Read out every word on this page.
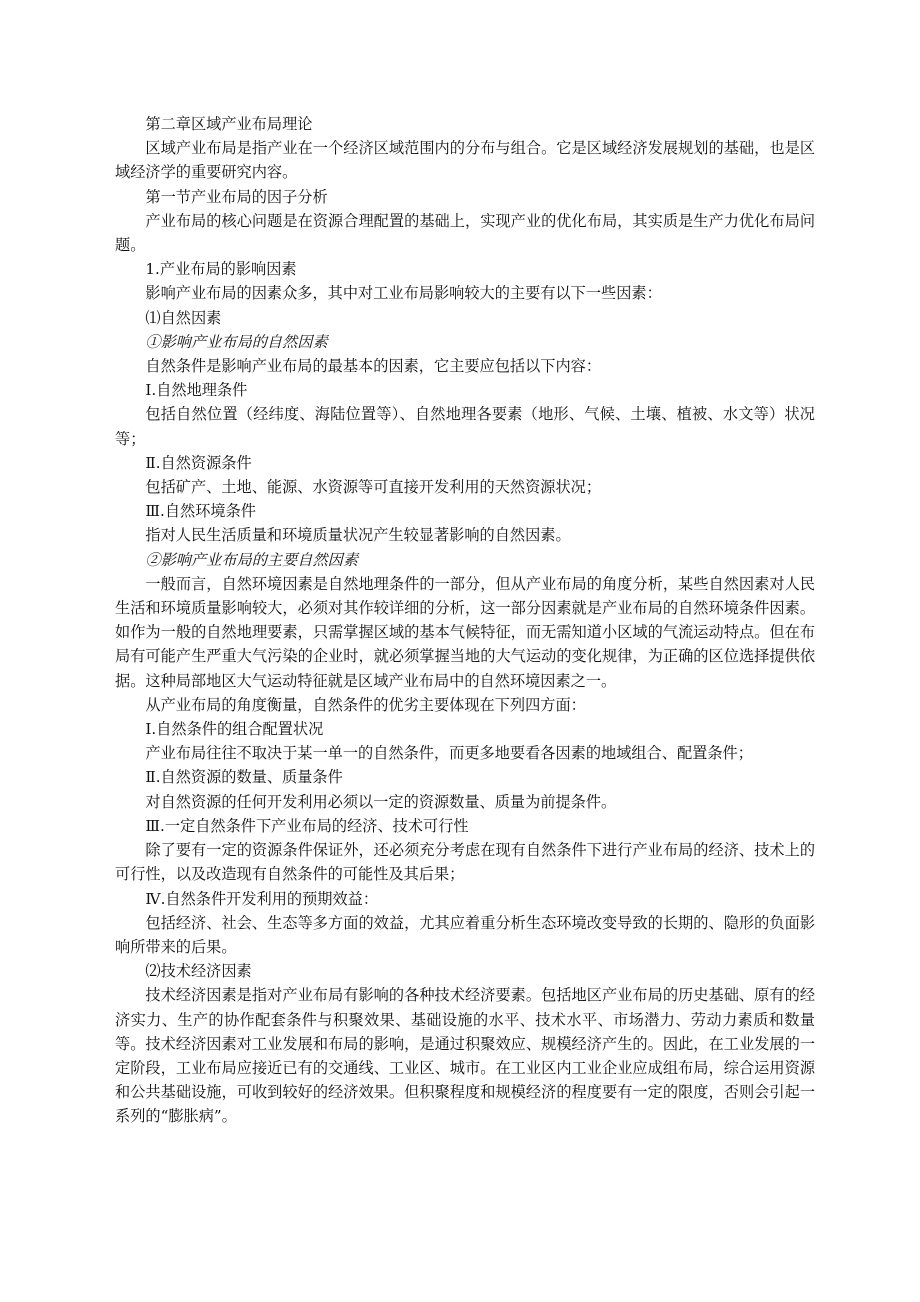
第二章区域产业布局理论

区域产业布局是指产业在一个经济区域范围内的分布与组合。它是区域经济发展规划的基础，也是区域经济学的重要研究内容。

第一节产业布局的因子分析

产业布局的核心问题是在资源合理配置的基础上，实现产业的优化布局，其实质是生产力优化布局问题。

1.产业布局的影响因素

影响产业布局的因素众多，其中对工业布局影响较大的主要有以下一些因素：

⑴自然因素

①影响产业布局的自然因素

自然条件是影响产业布局的最基本的因素，它主要应包括以下内容：

Ⅰ.自然地理条件

包括自然位置（经纬度、海陆位置等）、自然地理各要素（地形、气候、土壤、植被、水文等）状况等；

Ⅱ.自然资源条件

包括矿产、土地、能源、水资源等可直接开发利用的天然资源状况；

Ⅲ.自然环境条件

指对人民生活质量和环境质量状况产生较显著影响的自然因素。

②影响产业布局的主要自然因素

一般而言，自然环境因素是自然地理条件的一部分，但从产业布局的角度分析，某些自然因素对人民生活和环境质量影响较大，必须对其作较详细的分析，这一部分因素就是产业布局的自然环境条件因素。如作为一般的自然地理要素，只需掌握区域的基本气候特征，而无需知道小区域的气流运动特点。但在布局有可能产生严重大气污染的企业时，就必须掌握当地的大气运动的变化规律，为正确的区位选择提供依据。这种局部地区大气运动特征就是区域产业布局中的自然环境因素之一。

从产业布局的角度衡量，自然条件的优劣主要体现在下列四方面：

Ⅰ.自然条件的组合配置状况

产业布局往往不取决于某一单一的自然条件，而更多地要看各因素的地域组合、配置条件；

Ⅱ.自然资源的数量、质量条件

对自然资源的任何开发利用必须以一定的资源数量、质量为前提条件。

Ⅲ.一定自然条件下产业布局的经济、技术可行性

除了要有一定的资源条件保证外，还必须充分考虑在现有自然条件下进行产业布局的经济、技术上的可行性，以及改造现有自然条件的可能性及其后果；

Ⅳ.自然条件开发利用的预期效益：

包括经济、社会、生态等多方面的效益，尤其应着重分析生态环境改变导致的长期的、隐形的负面影响所带来的后果。

⑵技术经济因素

技术经济因素是指对产业布局有影响的各种技术经济要素。包括地区产业布局的历史基础、原有的经济实力、生产的协作配套条件与积聚效果、基础设施的水平、技术水平、市场潜力、劳动力素质和数量等。技术经济因素对工业发展和布局的影响，是通过积聚效应、规模经济产生的。因此，在工业发展的一定阶段，工业布局应接近已有的交通线、工业区、城市。在工业区内工业企业应成组布局，综合运用资源和公共基础设施，可收到较好的经济效果。但积聚程度和规模经济的程度要有一定的限度，否则会引起一系列的“膨胀病”。
